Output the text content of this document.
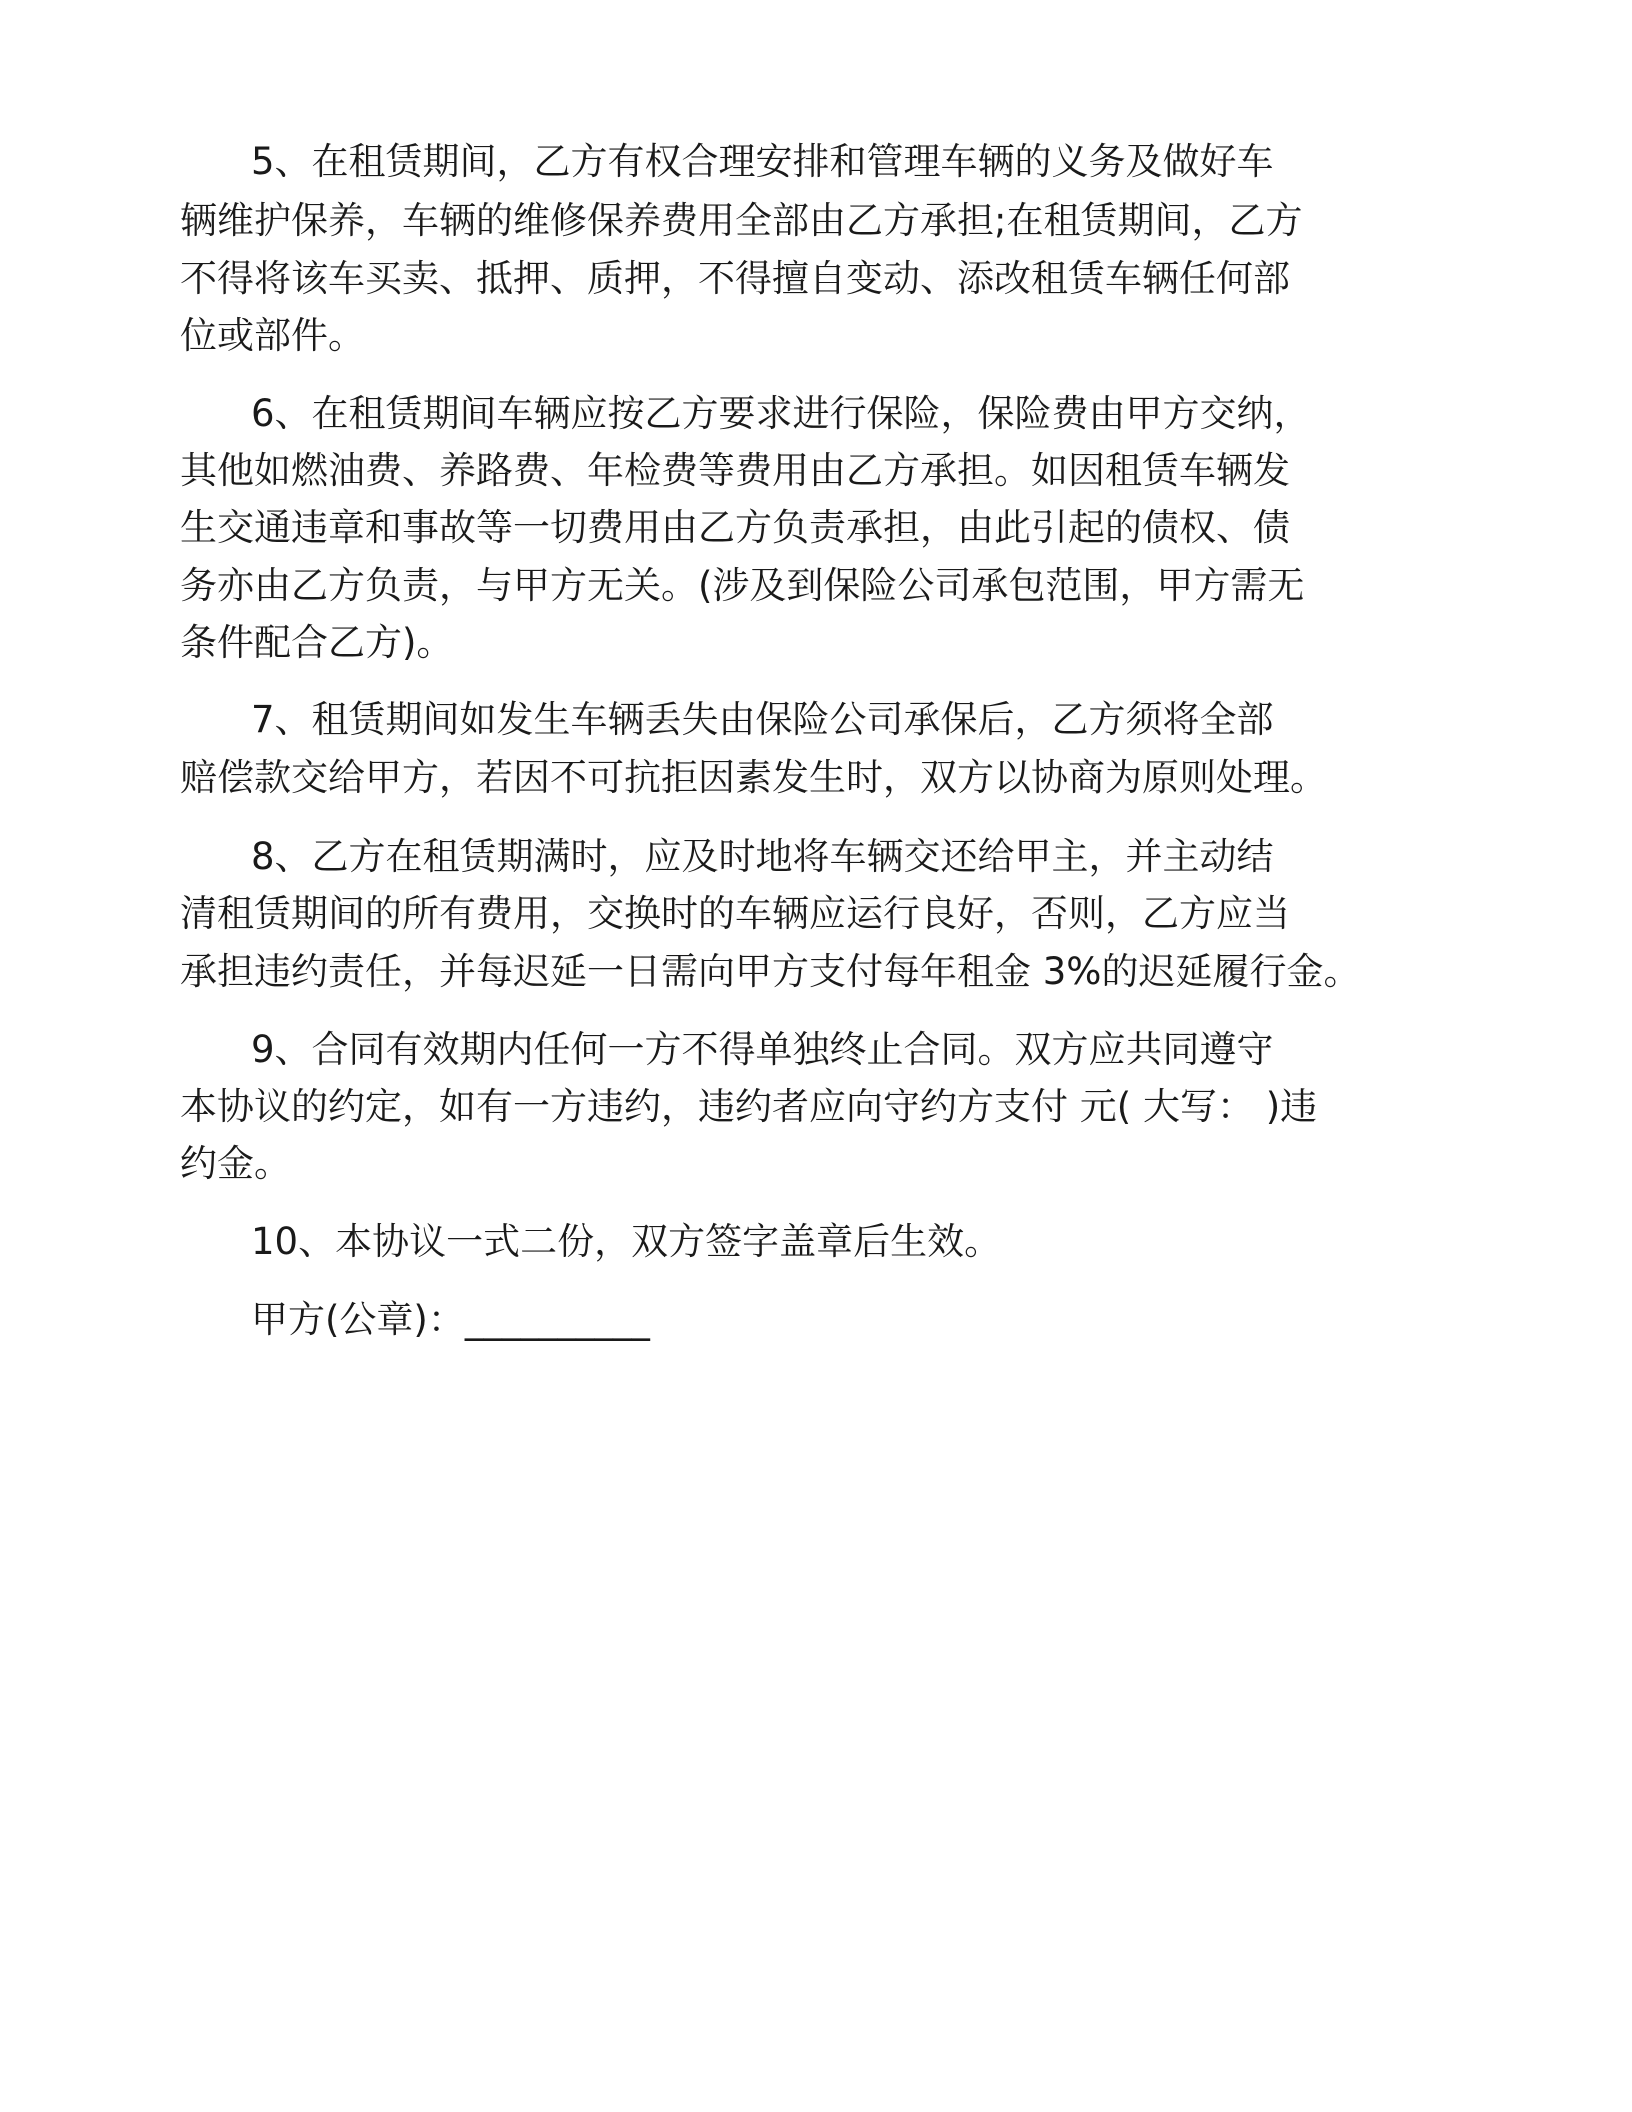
5、在租赁期间，乙方有权合理安排和管理车辆的义务及做好车
辆维护保养，车辆的维修保养费用全部由乙方承担;在租赁期间，乙方
不得将该车买卖、抵押、质押，不得擅自变动、添改租赁车辆任何部
位或部件。
6、在租赁期间车辆应按乙方要求进行保险，保险费由甲方交纳，
其他如燃油费、养路费、年检费等费用由乙方承担。如因租赁车辆发
生交通违章和事故等一切费用由乙方负责承担，由此引起的债权、债
务亦由乙方负责，与甲方无关。(涉及到保险公司承包范围，甲方需无
条件配合乙方)。
7、租赁期间如发生车辆丢失由保险公司承保后，乙方须将全部
赔偿款交给甲方，若因不可抗拒因素发生时，双方以协商为原则处理。
8、乙方在租赁期满时，应及时地将车辆交还给甲主，并主动结
清租赁期间的所有费用，交换时的车辆应运行良好，否则，乙方应当
承担违约责任，并每迟延一日需向甲方支付每年租金 3%的迟延履行金。
9、合同有效期内任何一方不得单独终止合同。双方应共同遵守
本协议的约定，如有一方违约，违约者应向守约方支付 元( 大写： )违
约金。
10、本协议一式二份，双方签字盖章后生效。
甲方(公章)：__________
